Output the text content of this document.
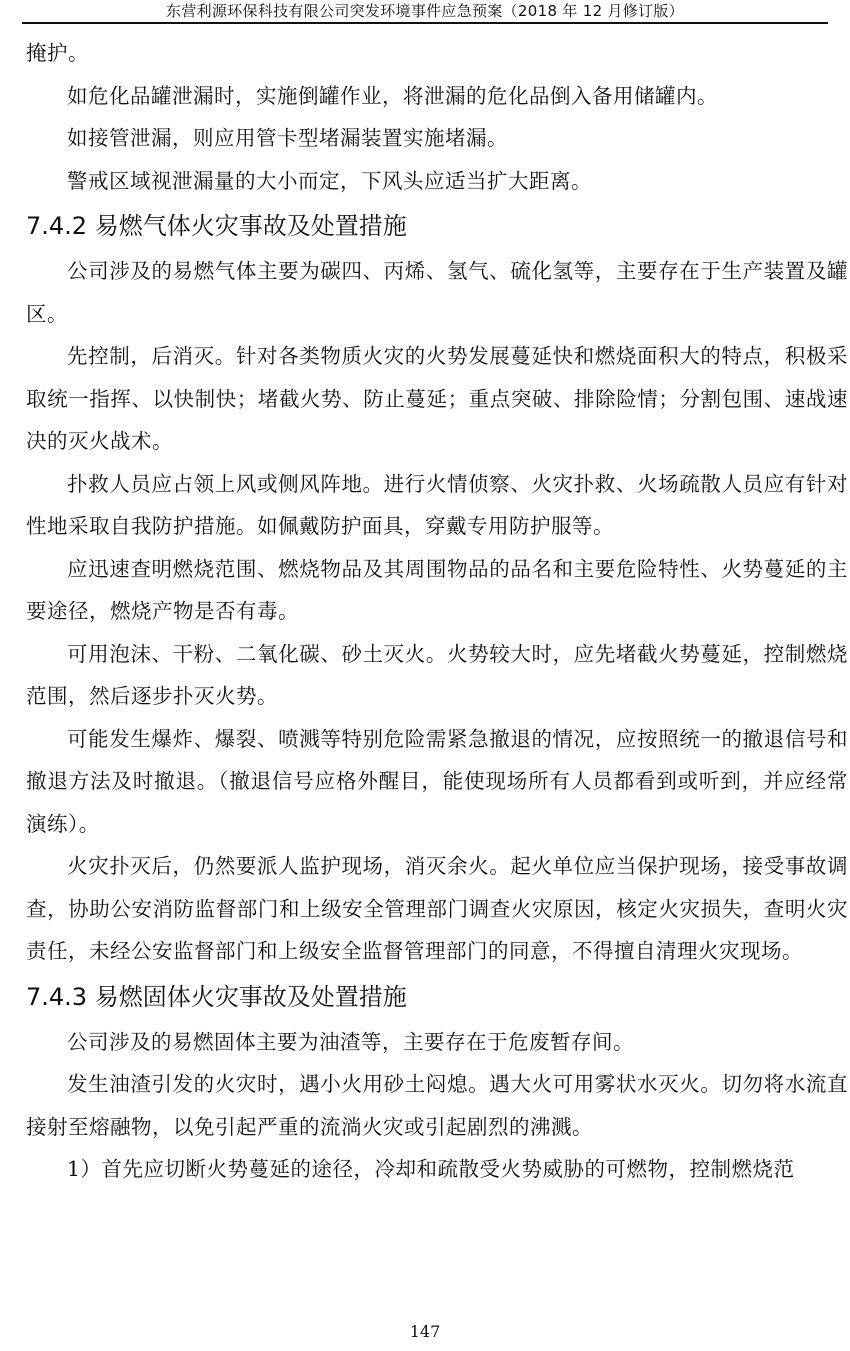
东营利源环保科技有限公司突发环境事件应急预案（2018 年 12 月修订版）

掩护。

如危化品罐泄漏时，实施倒罐作业，将泄漏的危化品倒入备用储罐内。

如接管泄漏，则应用管卡型堵漏装置实施堵漏。

警戒区域视泄漏量的大小而定，下风头应适当扩大距离。

7.4.2 易燃气体火灾事故及处置措施

公司涉及的易燃气体主要为碳四、丙烯、氢气、硫化氢等，主要存在于生产装置及罐区。

先控制，后消灭。针对各类物质火灾的火势发展蔓延快和燃烧面积大的特点，积极采取统一指挥、以快制快；堵截火势、防止蔓延；重点突破、排除险情；分割包围、速战速决的灭火战术。

扑救人员应占领上风或侧风阵地。进行火情侦察、火灾扑救、火场疏散人员应有针对性地采取自我防护措施。如佩戴防护面具，穿戴专用防护服等。

应迅速查明燃烧范围、燃烧物品及其周围物品的品名和主要危险特性、火势蔓延的主要途径，燃烧产物是否有毒。

可用泡沫、干粉、二氧化碳、砂土灭火。火势较大时，应先堵截火势蔓延，控制燃烧范围，然后逐步扑灭火势。

可能发生爆炸、爆裂、喷溅等特别危险需紧急撤退的情况，应按照统一的撤退信号和撤退方法及时撤退。（撤退信号应格外醒目，能使现场所有人员都看到或听到，并应经常演练）。

火灾扑灭后，仍然要派人监护现场，消灭余火。起火单位应当保护现场，接受事故调查，协助公安消防监督部门和上级安全管理部门调查火灾原因，核定火灾损失，查明火灾责任，未经公安监督部门和上级安全监督管理部门的同意，不得擅自清理火灾现场。

7.4.3 易燃固体火灾事故及处置措施

公司涉及的易燃固体主要为油渣等，主要存在于危废暂存间。

发生油渣引发的火灾时，遇小火用砂土闷熄。遇大火可用雾状水灭火。切勿将水流直接射至熔融物，以免引起严重的流淌火灾或引起剧烈的沸溅。

1）首先应切断火势蔓延的途径，冷却和疏散受火势威胁的可燃物，控制燃烧范

147
